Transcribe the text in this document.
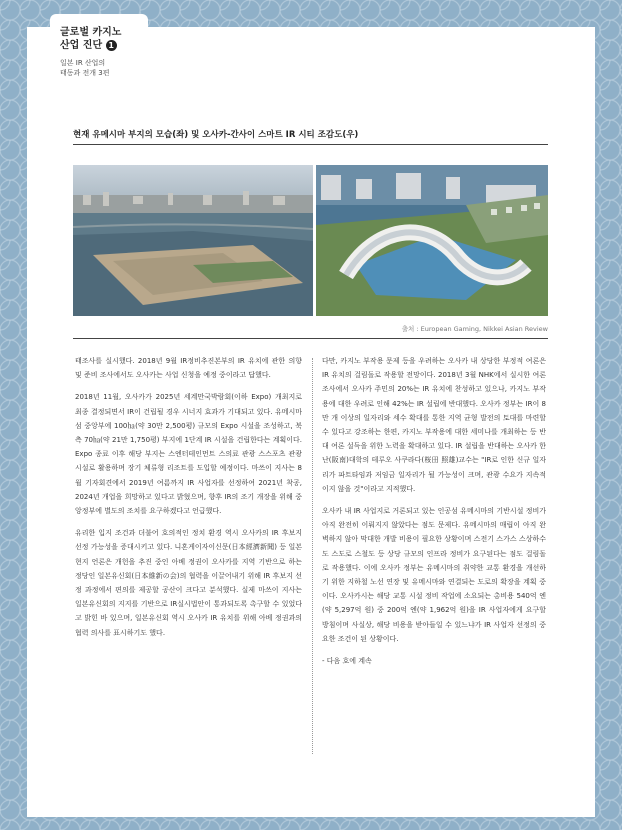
글로벌 카지노
산업 진단 1
일본 IR 산업의
태동과 전개 3편
현재 유메시마 부지의 모습(좌) 및 오사카-간사이 스마트 IR 시티 조감도(우)
출처 : European Gaming, Nikkei Asian Review

태조사를 실시했다. 2018년 9월 IR정비추진본부의 IR 유치에 관한 의향 및 준비 조사에서도 오사카는 사업 신청을 예정 중이라고 답했다.

2018년 11월, 오사카가 2025년 세계만국박람회(이하 Expo) 개최지로 최종 결정되면서 IR이 건립될 경우 시너지 효과가 기대되고 있다. 유메시마 섬 중앙부에 100㏊(약 30만 2,500평) 규모의 Expo 시설을 조성하고, 북측 70㏊(약 21만 1,750평) 부지에 1단계 IR 시설을 건립한다는 계획이다. Expo 종료 이후 해당 부지는 스엔터테인먼트 스의료 관광 스스포츠 관광 시설로 활용하며 장기 체류형 리조트를 도입할 예정이다. 마쓰이 지사는 8월 기자회견에서 2019년 여름까지 IR 사업자를 선정하여 2021년 착공, 2024년 개업을 희망하고 있다고 밝혔으며, 향후 IR의 조기 개장을 위해 중앙정부에 별도의 조치를 요구하겠다고 언급했다.

유리한 입지 조건과 더불어 호의적인 정치 환경 역시 오사카의 IR 후보지 선정 가능성을 증대시키고 있다. 니혼게이자이신문(日本經濟新聞) 등 일본 현지 언론은 개헌을 추진 중인 아베 정권이 오사카를 지역 기반으로 하는 정당인 일본유신회(日本維新の会)의 협력을 이끌어내기 위해 IR 후보지 선정 과정에서 편의를 제공할 공산이 크다고 분석했다. 실제 마쓰이 지사는 일본유신회의 지지를 기반으로 IR실시법안이 통과되도록 촉구할 수 있었다고 밝힌 바 있으며, 일본유신회 역시 오사카 IR 유치를 위해 아베 정권과의 협력 의사를 표시하기도 했다.

다만, 카지노 부작용 문제 등을 우려하는 오사카 내 상당한 부정적 여론은 IR 유치의 걸림돌로 작용할 전망이다. 2018년 3월 NHK에서 실시한 여론조사에서 오사카 주민의 20%는 IR 유치에 찬성하고 있으나, 카지노 부작용에 대한 우려로 인해 42%는 IR 설립에 반대했다. 오사카 정부는 IR이 8만 개 이상의 일자리와 세수 확대를 통한 지역 균형 발전의 토대를 마련할 수 있다고 강조하는 한편, 카지노 부작용에 대한 세미나를 개최하는 등 반대 여론 설득을 위한 노력을 확대하고 있다. IR 설립을 반대하는 오사카 한난(阪南)대학의 테루오 사쿠라다(桜田 照雄)교수는 "IR로 인한 신규 일자리가 파트타임과 저임금 일자리가 될 가능성이 크며, 관광 수요가 지속적이지 않을 것"이라고 지적했다.

오사카 내 IR 사업지로 거론되고 있는 인공섬 유메시마의 기반시설 정비가 아직 완전히 이뤄지지 않았다는 점도 문제다. 유메시마의 매립이 아직 완벽하지 않아 막대한 개발 비용이 필요한 상황이며 스전기 스가스 스상하수도 스도로 스철도 등 상당 규모의 인프라 정비가 요구된다는 점도 걸림돌로 작용했다. 이에 오사카 정부는 유메시마의 취약한 교통 환경을 개선하기 위한 지하철 노선 연장 및 유메시마와 연결되는 도로의 확장을 계획 중이다. 오사카시는 해당 교통 시설 정비 작업에 소요되는 총비용 540억 엔(약 5,297억 원) 중 200억 엔(약 1,962억 원)을 IR 사업자에게 요구할 방침이며 사실상, 해당 비용을 받아들일 수 있느냐가 IR 사업자 선정의 중요한 조건이 된 상황이다.

- 다음 호에 계속
